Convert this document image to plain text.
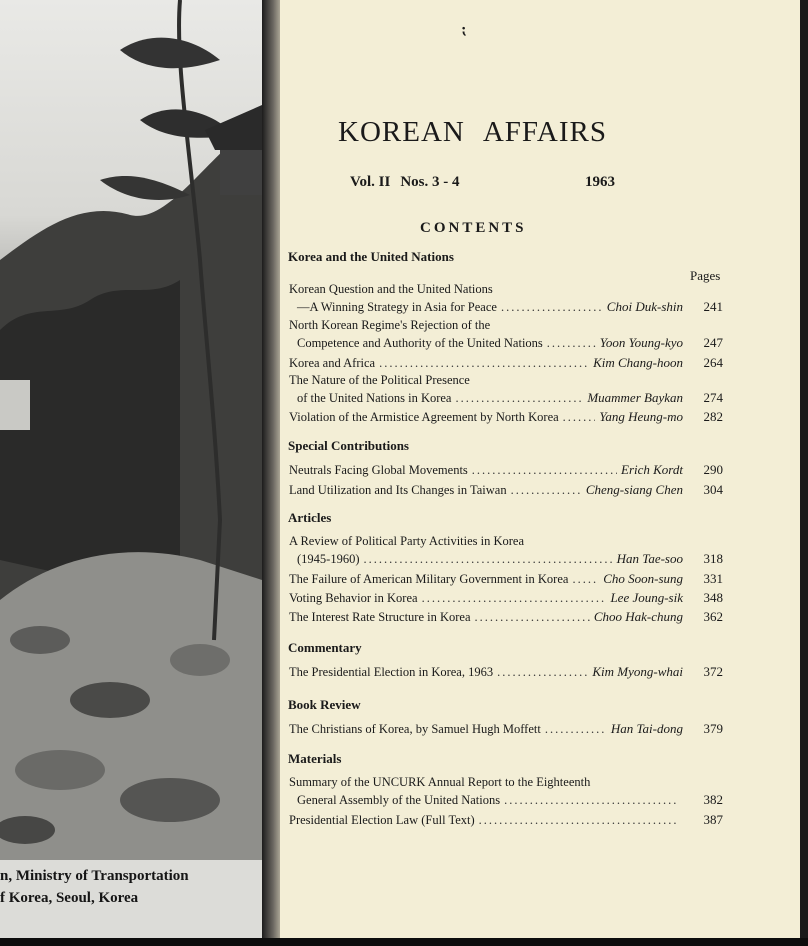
n, Ministry of Transportation
f Korea, Seoul, Korea
⁏
KOREAN AFFAIRS
Vol. II Nos. 3 - 4	1963
CONTENTS
Pages
Korea and the United Nations
Korean Question and the United Nations
—A Winning Strategy in Asia for Peace .....	Choi Duk-shin	241
North Korean Regime's Rejection of the
Competence and Authority of the United Nations .....	Yoon Young-kyo	247
Korea and Africa .....	Kim Chang-hoon	264
The Nature of the Political Presence
of the United Nations in Korea .....	Muammer Baykan	274
Violation of the Armistice Agreement by North Korea .....	Yang Heung-mo	282
Special Contributions
Neutrals Facing Global Movements .....	Erich Kordt	290
Land Utilization and Its Changes in Taiwan .....	Cheng-siang Chen	304
Articles
A Review of Political Party Activities in Korea
(1945-1960) .....	Han Tae-soo	318
The Failure of American Military Government in Korea .....	Cho Soon-sung	331
Voting Behavior in Korea .....	Lee Joung-sik	348
The Interest Rate Structure in Korea .....	Choo Hak-chung	362
Commentary
The Presidential Election in Korea, 1963 .....	Kim Myong-whai	372
Book Review
The Christians of Korea, by Samuel Hugh Moffett .....	Han Tai-dong	379
Materials
Summary of the UNCURK Annual Report to the Eighteenth
General Assembly of the United Nations .....	382
Presidential Election Law (Full Text) .....	387
